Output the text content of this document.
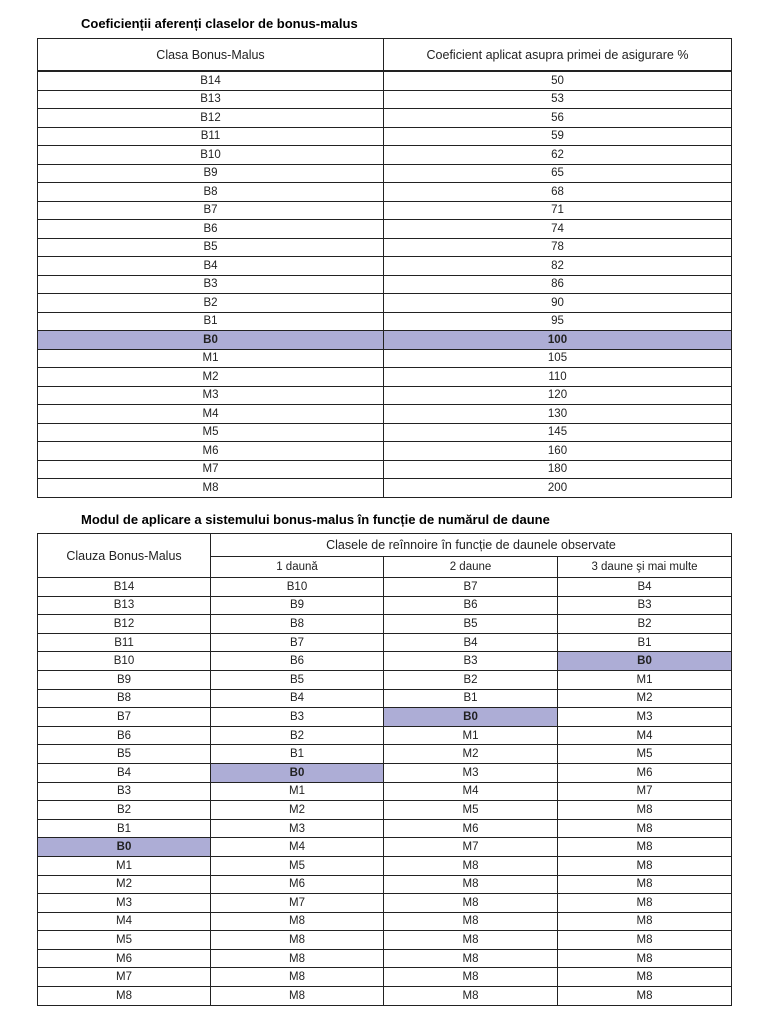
Coeficienții aferenți claselor de bonus-malus
Clasa Bonus-Malus	Coeficient aplicat asupra primei de asigurare %
B14	50
B13	53
B12	56
B11	59
B10	62
B9	65
B8	68
B7	71
B6	74
B5	78
B4	82
B3	86
B2	90
B1	95
B0	100
M1	105
M2	110
M3	120
M4	130
M5	145
M6	160
M7	180
M8	200
Modul de aplicare a sistemului bonus-malus în funcție de numărul de daune
Clauza Bonus-Malus	Clasele de reînnoire în funcție de daunele observate		
	1 daună	2 daune	3 daune şi mai multe
B14	B10	B7	B4
B13	B9	B6	B3
B12	B8	B5	B2
B11	B7	B4	B1
B10	B6	B3	B0
B9	B5	B2	M1
B8	B4	B1	M2
B7	B3	B0	M3
B6	B2	M1	M4
B5	B1	M2	M5
B4	B0	M3	M6
B3	M1	M4	M7
B2	M2	M5	M8
B1	M3	M6	M8
B0	M4	M7	M8
M1	M5	M8	M8
M2	M6	M8	M8
M3	M7	M8	M8
M4	M8	M8	M8
M5	M8	M8	M8
M6	M8	M8	M8
M7	M8	M8	M8
M8	M8	M8	M8
